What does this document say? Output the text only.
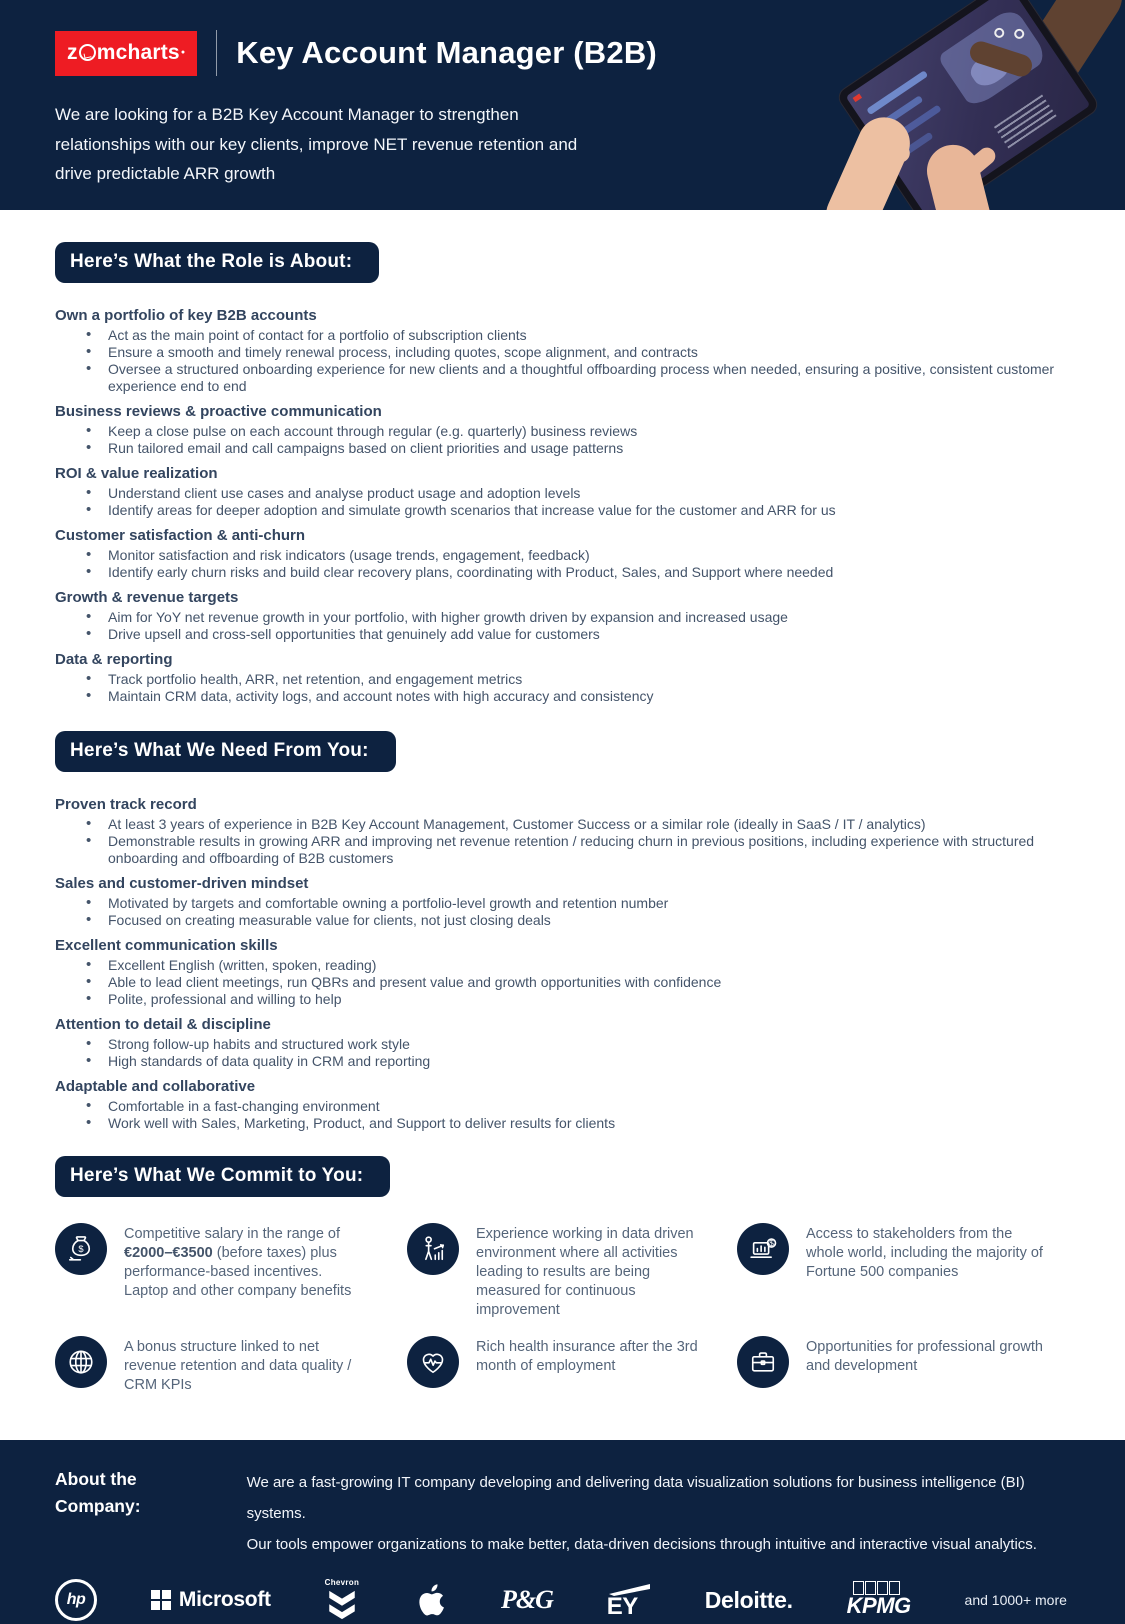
z mcharts ● Key Account Manager (B2B)
We are looking for a B2B Key Account Manager to strengthen
relationships with our key clients, improve NET revenue retention and
drive predictable ARR growth
Here’s What the Role is About:
Own a portfolio of key B2B accounts
• Act as the main point of contact for a portfolio of subscription clients
• Ensure a smooth and timely renewal process, including quotes, scope alignment, and contracts
• Oversee a structured onboarding experience for new clients and a thoughtful offboarding process when needed, ensuring a positive, consistent customer experience end to end
Business reviews & proactive communication
• Keep a close pulse on each account through regular (e.g. quarterly) business reviews
• Run tailored email and call campaigns based on client priorities and usage patterns
ROI & value realization
• Understand client use cases and analyse product usage and adoption levels
• Identify areas for deeper adoption and simulate growth scenarios that increase value for the customer and ARR for us
Customer satisfaction & anti-churn
• Monitor satisfaction and risk indicators (usage trends, engagement, feedback)
• Identify early churn risks and build clear recovery plans, coordinating with Product, Sales, and Support where needed
Growth & revenue targets
• Aim for YoY net revenue growth in your portfolio, with higher growth driven by expansion and increased usage
• Drive upsell and cross-sell opportunities that genuinely add value for customers
Data & reporting
• Track portfolio health, ARR, net retention, and engagement metrics
• Maintain CRM data, activity logs, and account notes with high accuracy and consistency
Here’s What We Need From You:
Proven track record
• At least 3 years of experience in B2B Key Account Management, Customer Success or a similar role (ideally in SaaS / IT / analytics)
• Demonstrable results in growing ARR and improving net revenue retention / reducing churn in previous positions, including experience with structured onboarding and offboarding of B2B customers
Sales and customer-driven mindset
• Motivated by targets and comfortable owning a portfolio-level growth and retention number
• Focused on creating measurable value for clients, not just closing deals
Excellent communication skills
• Excellent English (written, spoken, reading)
• Able to lead client meetings, run QBRs and present value and growth opportunities with confidence
• Polite, professional and willing to help
Attention to detail & discipline
• Strong follow-up habits and structured work style
• High standards of data quality in CRM and reporting
Adaptable and collaborative
• Comfortable in a fast-changing environment
• Work well with Sales, Marketing, Product, and Support to deliver results for clients
Here’s What We Commit to You:
$
Competitive salary in the range of €2000–€3500 (before taxes) plus performance-based incentives. Laptop and other company benefits
Experience working in data driven environment where all activities leading to results are being measured for continuous improvement
$
Access to stakeholders from the whole world, including the majority of Fortune 500 companies
A bonus structure linked to net revenue retention and data quality / CRM KPIs
Rich health insurance after the 3rd month of employment
Opportunities for professional growth and development
About the Company:
We are a fast-growing IT company developing and delivering data visualization solutions for business intelligence (BI) systems.
Our tools empower organizations to make better, data-driven decisions through intuitive and interactive visual analytics.
hp	Microsoft
Chevron
P&G EY	Deloitte. KPMG	and 1000+ more
